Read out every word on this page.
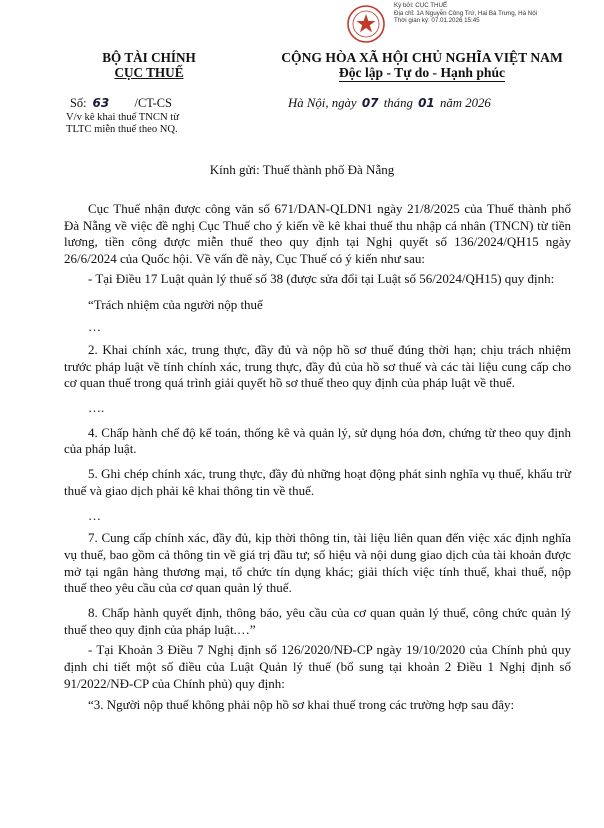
Ký bởi: CỤC THUẾ
Địa chỉ: 1A Nguyễn Công Trứ, Hai Bà Trưng, Hà Nội
Thời gian ký: 07.01.2026 15:45
BỘ TÀI CHÍNH
CỤC THUẾ
CỘNG HÒA XÃ HỘI CHỦ NGHĨA VIỆT NAM
Độc lập - Tự do - Hạnh phúc
Số: 63 /CT-CS	Hà Nội, ngày 07 tháng 01 năm 2026
V/v kê khai thuế TNCN từ
TLTC miễn thuế theo NQ.
Kính gửi: Thuế thành phố Đà Nẵng

Cục Thuế nhận được công văn số 671/DAN-QLDN1 ngày 21/8/2025 của Thuế thành phố Đà Nẵng về việc đề nghị Cục Thuế cho ý kiến về kê khai thuế thu nhập cá nhân (TNCN) từ tiền lương, tiền công được miễn thuế theo quy định tại Nghị quyết số 136/2024/QH15 ngày 26/6/2024 của Quốc hội. Về vấn đề này, Cục Thuế có ý kiến như sau:

- Tại Điều 17 Luật quản lý thuế số 38 (được sửa đổi tại Luật số 56/2024/QH15) quy định:

“Trách nhiệm của người nộp thuế

…

2. Khai chính xác, trung thực, đầy đủ và nộp hồ sơ thuế đúng thời hạn; chịu trách nhiệm trước pháp luật về tính chính xác, trung thực, đầy đủ của hồ sơ thuế và các tài liệu cung cấp cho cơ quan thuế trong quá trình giải quyết hồ sơ thuế theo quy định của pháp luật về thuế.

….

4. Chấp hành chế độ kế toán, thống kê và quản lý, sử dụng hóa đơn, chứng từ theo quy định của pháp luật.

5. Ghi chép chính xác, trung thực, đầy đủ những hoạt động phát sinh nghĩa vụ thuế, khấu trừ thuế và giao dịch phải kê khai thông tin về thuế.

…

7. Cung cấp chính xác, đầy đủ, kịp thời thông tin, tài liệu liên quan đến việc xác định nghĩa vụ thuế, bao gồm cả thông tin về giá trị đầu tư; số hiệu và nội dung giao dịch của tài khoản được mở tại ngân hàng thương mại, tổ chức tín dụng khác; giải thích việc tính thuế, khai thuế, nộp thuế theo yêu cầu của cơ quan quản lý thuế.

8. Chấp hành quyết định, thông báo, yêu cầu của cơ quan quản lý thuế, công chức quản lý thuế theo quy định của pháp luật.…”

- Tại Khoản 3 Điều 7 Nghị định số 126/2020/NĐ-CP ngày 19/10/2020 của Chính phủ quy định chi tiết một số điều của Luật Quản lý thuế (bổ sung tại khoản 2 Điều 1 Nghị định số 91/2022/NĐ-CP của Chính phủ) quy định:

“3. Người nộp thuế không phải nộp hồ sơ khai thuế trong các trường hợp sau đây:
